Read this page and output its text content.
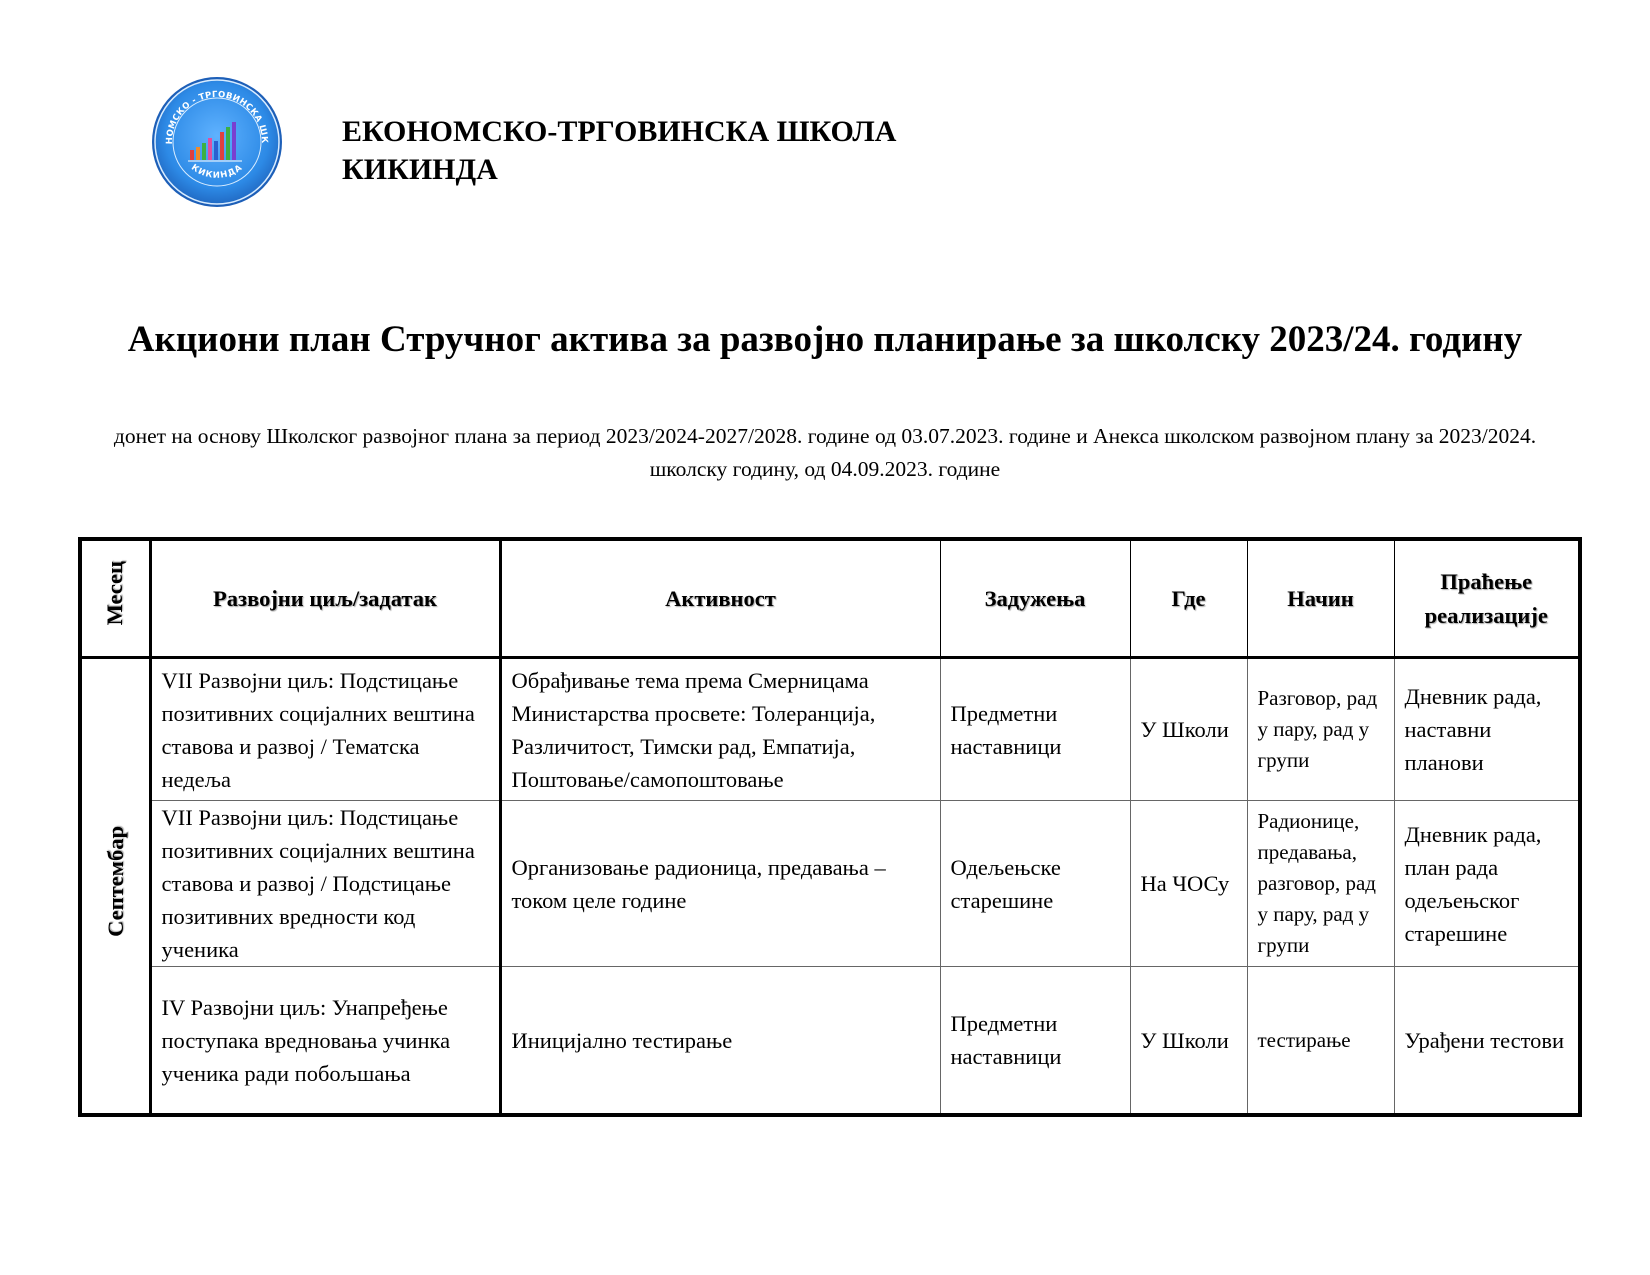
НОМСКО - ТРГОВИНСКА ШК
КИКИНДА
ЕКОНОМСКО-ТРГОВИНСКА ШКОЛА
КИКИНДА
Акциони план Стручног актива за развојно планирање за школску 2023/24. годину
донет на основу Школског развојног плана за период 2023/2024-2027/2028. године од 03.07.2023. године и Анекса школском развојном плану за 2023/2024. школску годину, од 04.09.2023. године
Месец	Развојни циљ/задатак	Активност	Задужења	Где	Начин	Праћење реализације
Септембар	VII Развојни циљ: Подстицање позитивних социјалних вештина ставова и развој / Тематска недеља	Обрађивање тема према Смерницама Министарства просвете: Толеранција, Различитост, Тимски рад, Емпатија, Поштовање/самопоштовање	Предметни наставници	У Школи	Разговор, рад у пару, рад у групи	Дневник рада, наставни планови
	VII Развојни циљ: Подстицање позитивних социјалних вештина ставова и развој / Подстицање позитивних вредности код ученика	Организовање радионица, предавања – током целе године	Одељењске старешине	На ЧОСу	Радионице, предавања, разговор, рад у пару, рад у групи	Дневник рада, план рада одељењског старешине
	IV Развојни циљ: Унапређење поступака вредновања учинка ученика ради побољшања	Иницијално тестирање	Предметни наставници	У Школи	тестирање	Урађени тестови
